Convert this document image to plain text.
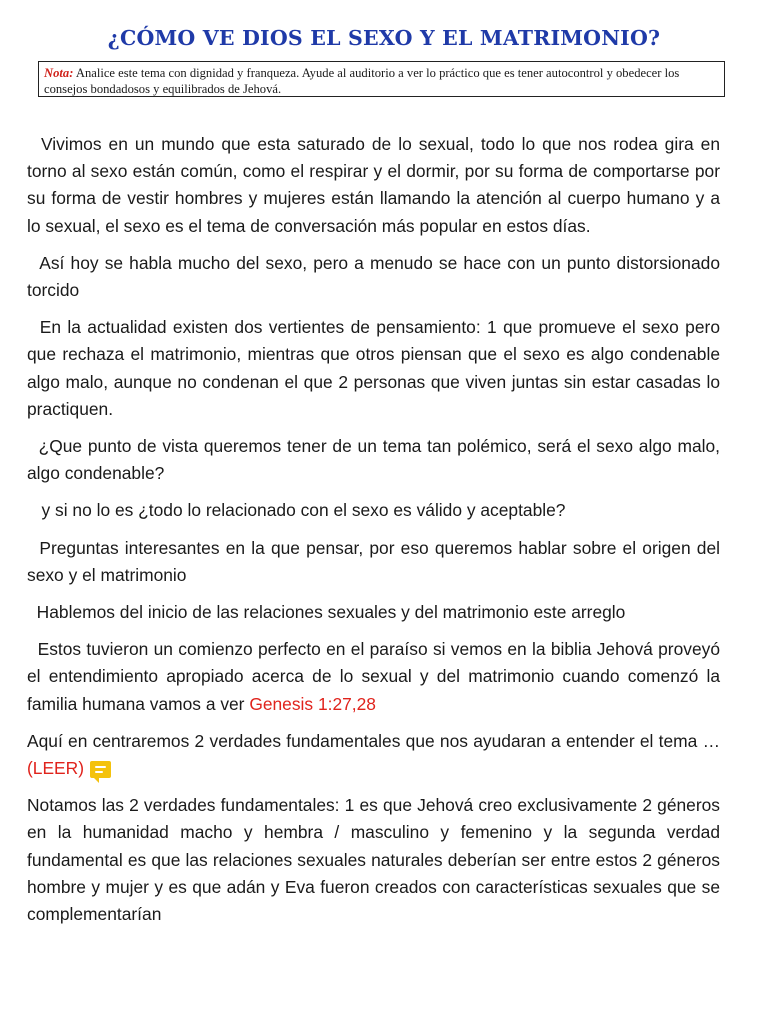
¿CÓMO VE DIOS EL SEXO Y EL MATRIMONIO?
Nota: Analice este tema con dignidad y franqueza. Ayude al auditorio a ver lo práctico que es tener autocontrol y obedecer los consejos bondadosos y equilibrados de Jehová.

Vivimos en un mundo que esta saturado de lo sexual, todo lo que nos rodea gira en torno al sexo están común, como el respirar y el dormir, por su forma de comportarse por su forma de vestir hombres y mujeres están llamando la atención al cuerpo humano y a lo sexual, el sexo es el tema de conversación más popular en estos días.

Así hoy se habla mucho del sexo, pero a menudo se hace con un punto distorsionado torcido

En la actualidad existen dos vertientes de pensamiento: 1 que promueve el sexo pero que rechaza el matrimonio, mientras que otros piensan que el sexo es algo condenable algo malo, aunque no condenan el que 2 personas que viven juntas sin estar casadas lo practiquen.

¿Que punto de vista queremos tener de un tema tan polémico, será el sexo algo malo, algo condenable?

y si no lo es ¿todo lo relacionado con el sexo es válido y aceptable?

Preguntas interesantes en la que pensar, por eso queremos hablar sobre el origen del sexo y el matrimonio

Hablemos del inicio de las relaciones sexuales y del matrimonio este arreglo

Estos tuvieron un comienzo perfecto en el paraíso si vemos en la biblia Jehová proveyó el entendimiento apropiado acerca de lo sexual y del matrimonio cuando comenzó la familia humana vamos a ver Genesis 1:27,28

Aquí en centraremos 2 verdades fundamentales que nos ayudaran a entender el tema …(LEER)

Notamos las 2 verdades fundamentales: 1 es que Jehová creo exclusivamente 2 géneros en la humanidad macho y hembra / masculino y femenino y la segunda verdad fundamental es que las relaciones sexuales naturales deberían ser entre estos 2 géneros hombre y mujer y es que adán y Eva fueron creados con características sexuales que se complementarían
